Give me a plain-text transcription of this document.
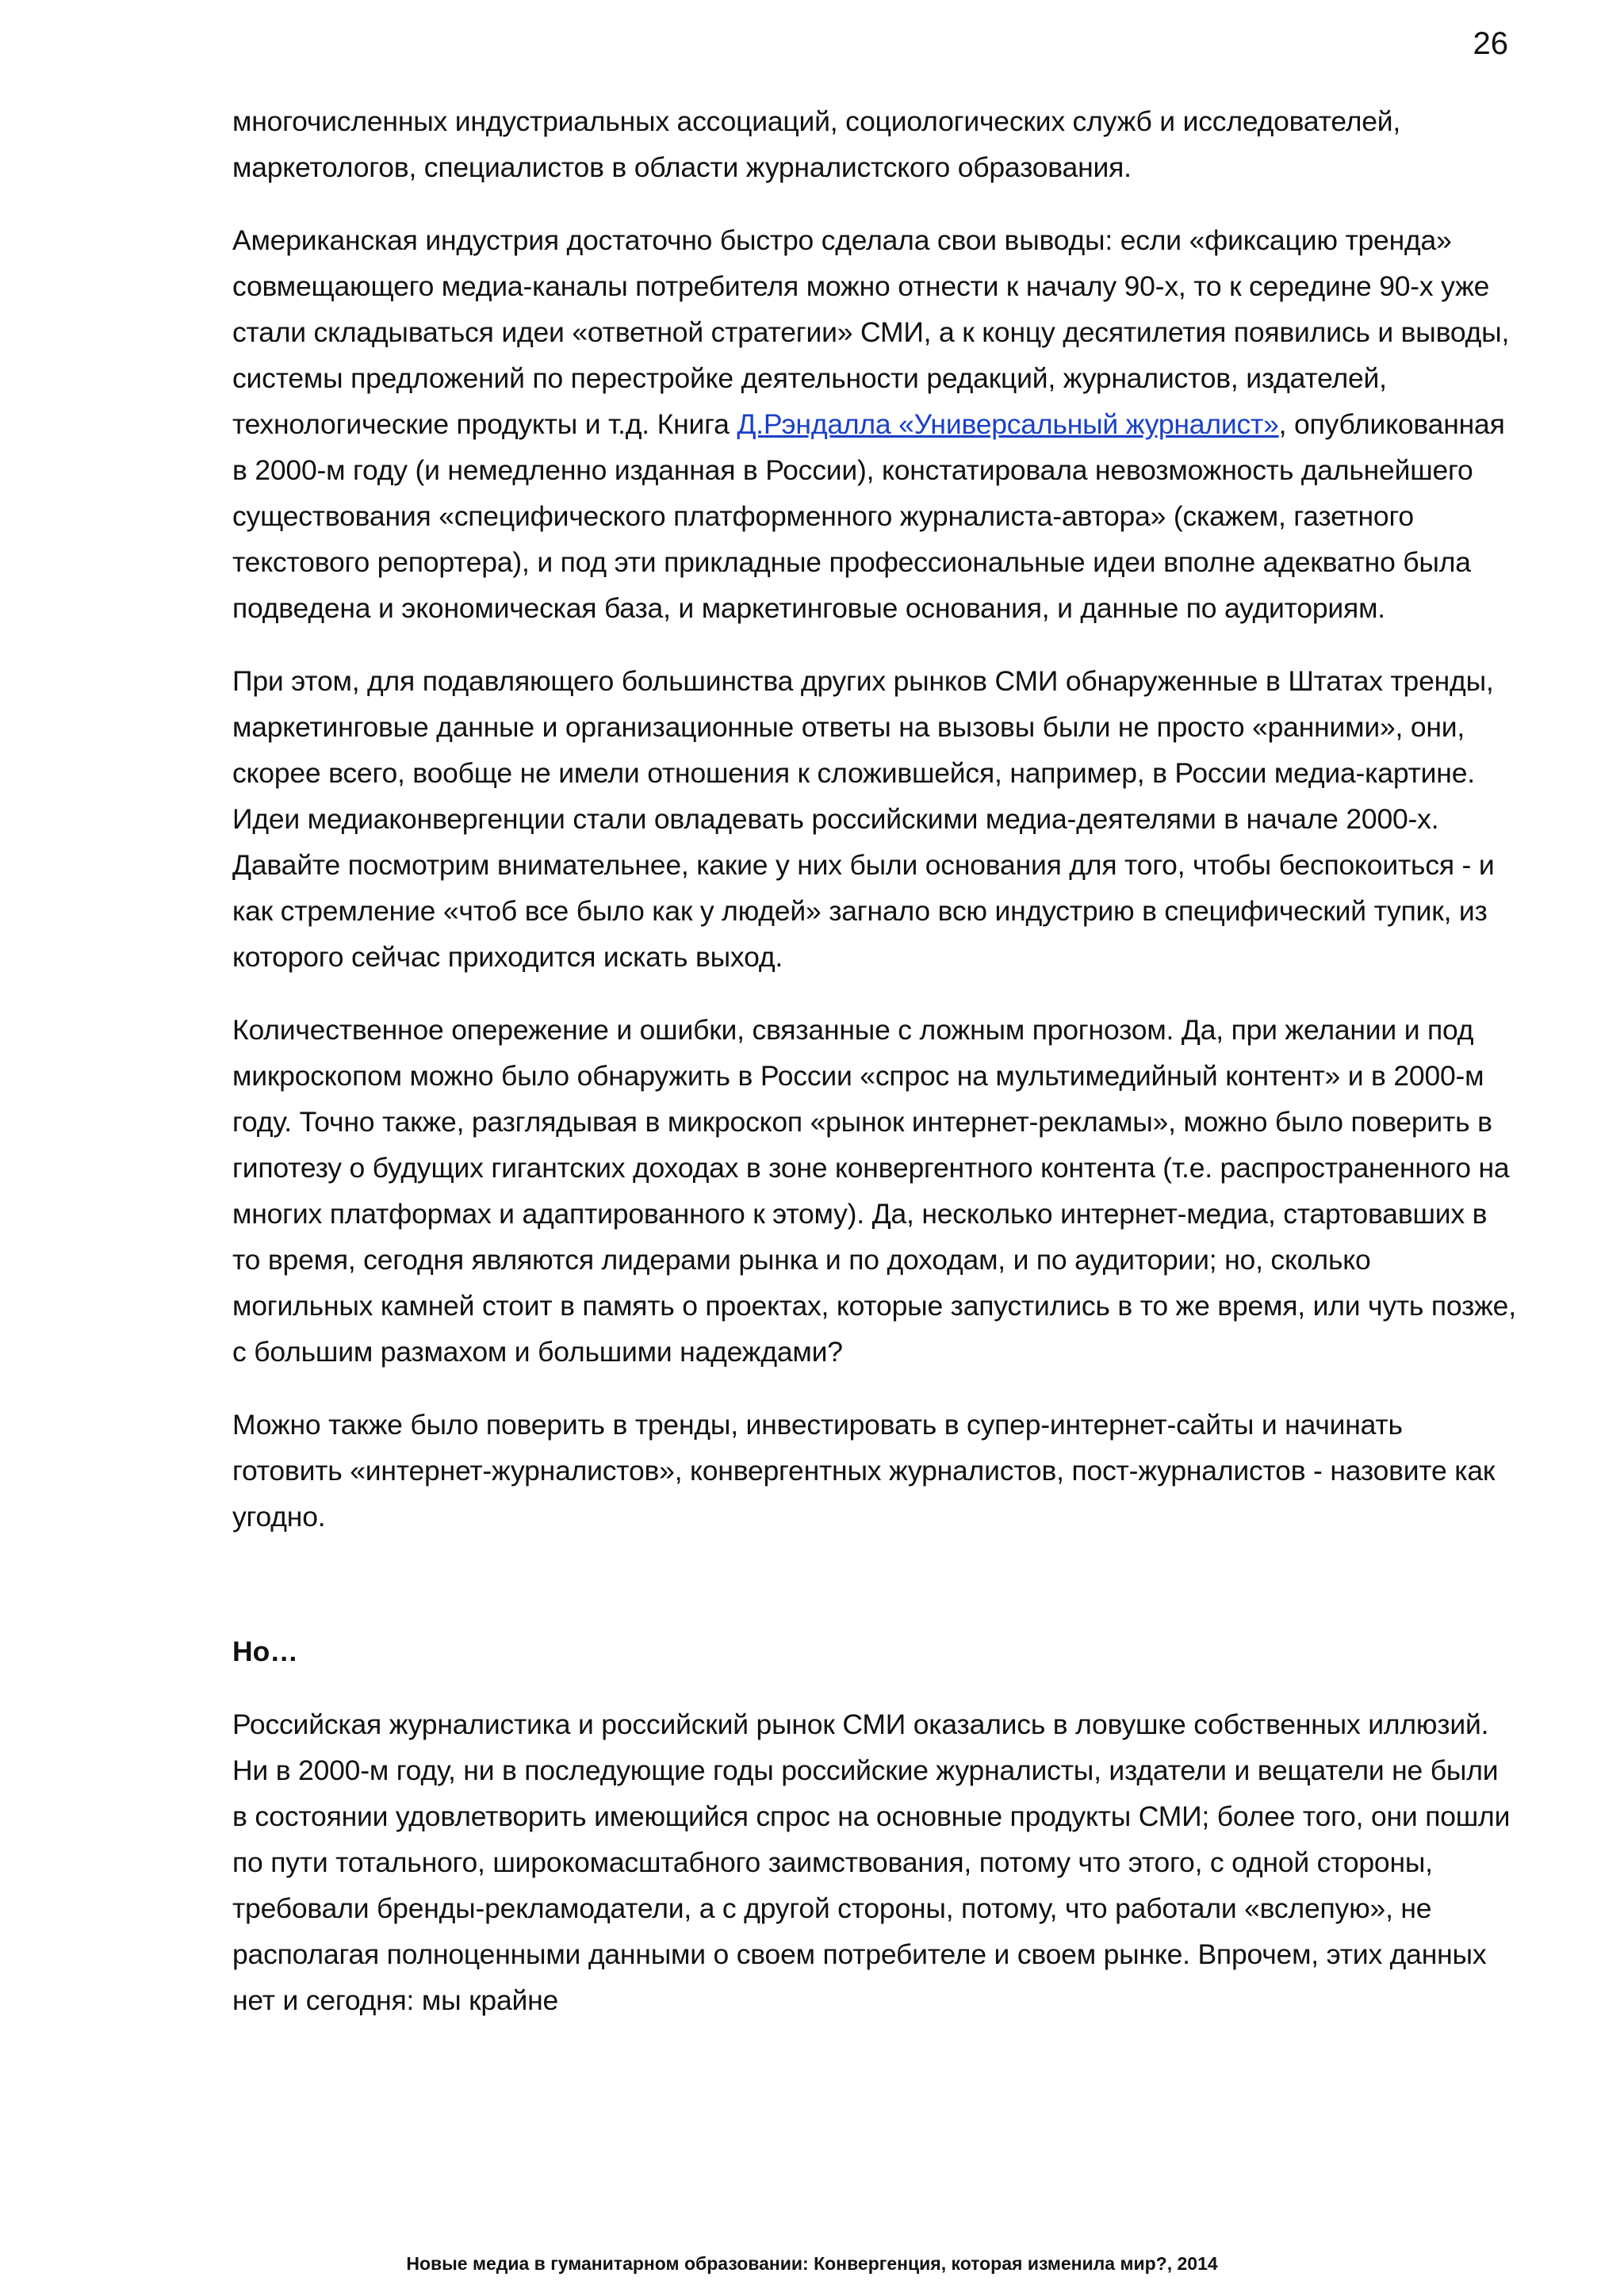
26

многочисленных индустриальных ассоциаций, социологических служб и исследователей, маркетологов, специалистов в области журналистского образования.

Американская индустрия достаточно быстро сделала свои выводы: если «фиксацию тренда» совмещающего медиа-каналы потребителя можно отнести к началу 90-х, то к середине 90-х уже стали складываться идеи «ответной стратегии» СМИ, а к концу десятилетия появились и выводы, системы предложений по перестройке деятельности редакций, журналистов, издателей, технологические продукты и т.д. Книга Д.Рэндалла «Универсальный журналист», опубликованная в 2000-м году (и немедленно изданная в России), констатировала невозможность дальнейшего существования «специфического платформенного журналиста-автора» (скажем, газетного текстового репортера), и под эти прикладные профессиональные идеи вполне адекватно была подведена и экономическая база, и маркетинговые основания, и данные по аудиториям.

При этом, для подавляющего большинства других рынков СМИ обнаруженные в Штатах тренды, маркетинговые данные и организационные ответы на вызовы были не просто «ранними», они, скорее всего, вообще не имели отношения к сложившейся, например, в России медиа-картине. Идеи медиаконвергенции стали овладевать российскими медиа-деятелями в начале 2000-х. Давайте посмотрим внимательнее, какие у них были основания для того, чтобы беспокоиться - и как стремление «чтоб все было как у людей» загнало всю индустрию в специфический тупик, из которого сейчас приходится искать выход.

Количественное опережение и ошибки, связанные с ложным прогнозом. Да, при желании и под микроскопом можно было обнаружить в России «спрос на мультимедийный контент» и в 2000-м году. Точно также, разглядывая в микроскоп «рынок интернет-рекламы», можно было поверить в гипотезу о будущих гигантских доходах в зоне конвергентного контента (т.е. распространенного на многих платформах и адаптированного к этому). Да, несколько интернет-медиа, стартовавших в то время, сегодня являются лидерами рынка и по доходам, и по аудитории; но, сколько могильных камней стоит в память о проектах, которые запустились в то же время, или чуть позже, с большим размахом и большими надеждами?

Можно также было поверить в тренды, инвестировать в супер-интернет-сайты и начинать готовить «интернет-журналистов», конвергентных журналистов, пост-журналистов - назовите как угодно.

Но…

Российская журналистика и российский рынок СМИ оказались в ловушке собственных иллюзий. Ни в 2000-м году, ни в последующие годы российские журналисты, издатели и вещатели не были в состоянии удовлетворить имеющийся спрос на основные продукты СМИ; более того, они пошли по пути тотального, широкомасштабного заимствования, потому что этого, с одной стороны, требовали бренды-рекламодатели, а с другой стороны, потому, что работали «вслепую», не располагая полноценными данными о своем потребителе и своем рынке. Впрочем, этих данных нет и сегодня: мы крайне

Новые медиа в гуманитарном образовании: Конвергенция, которая изменила мир?, 2014
